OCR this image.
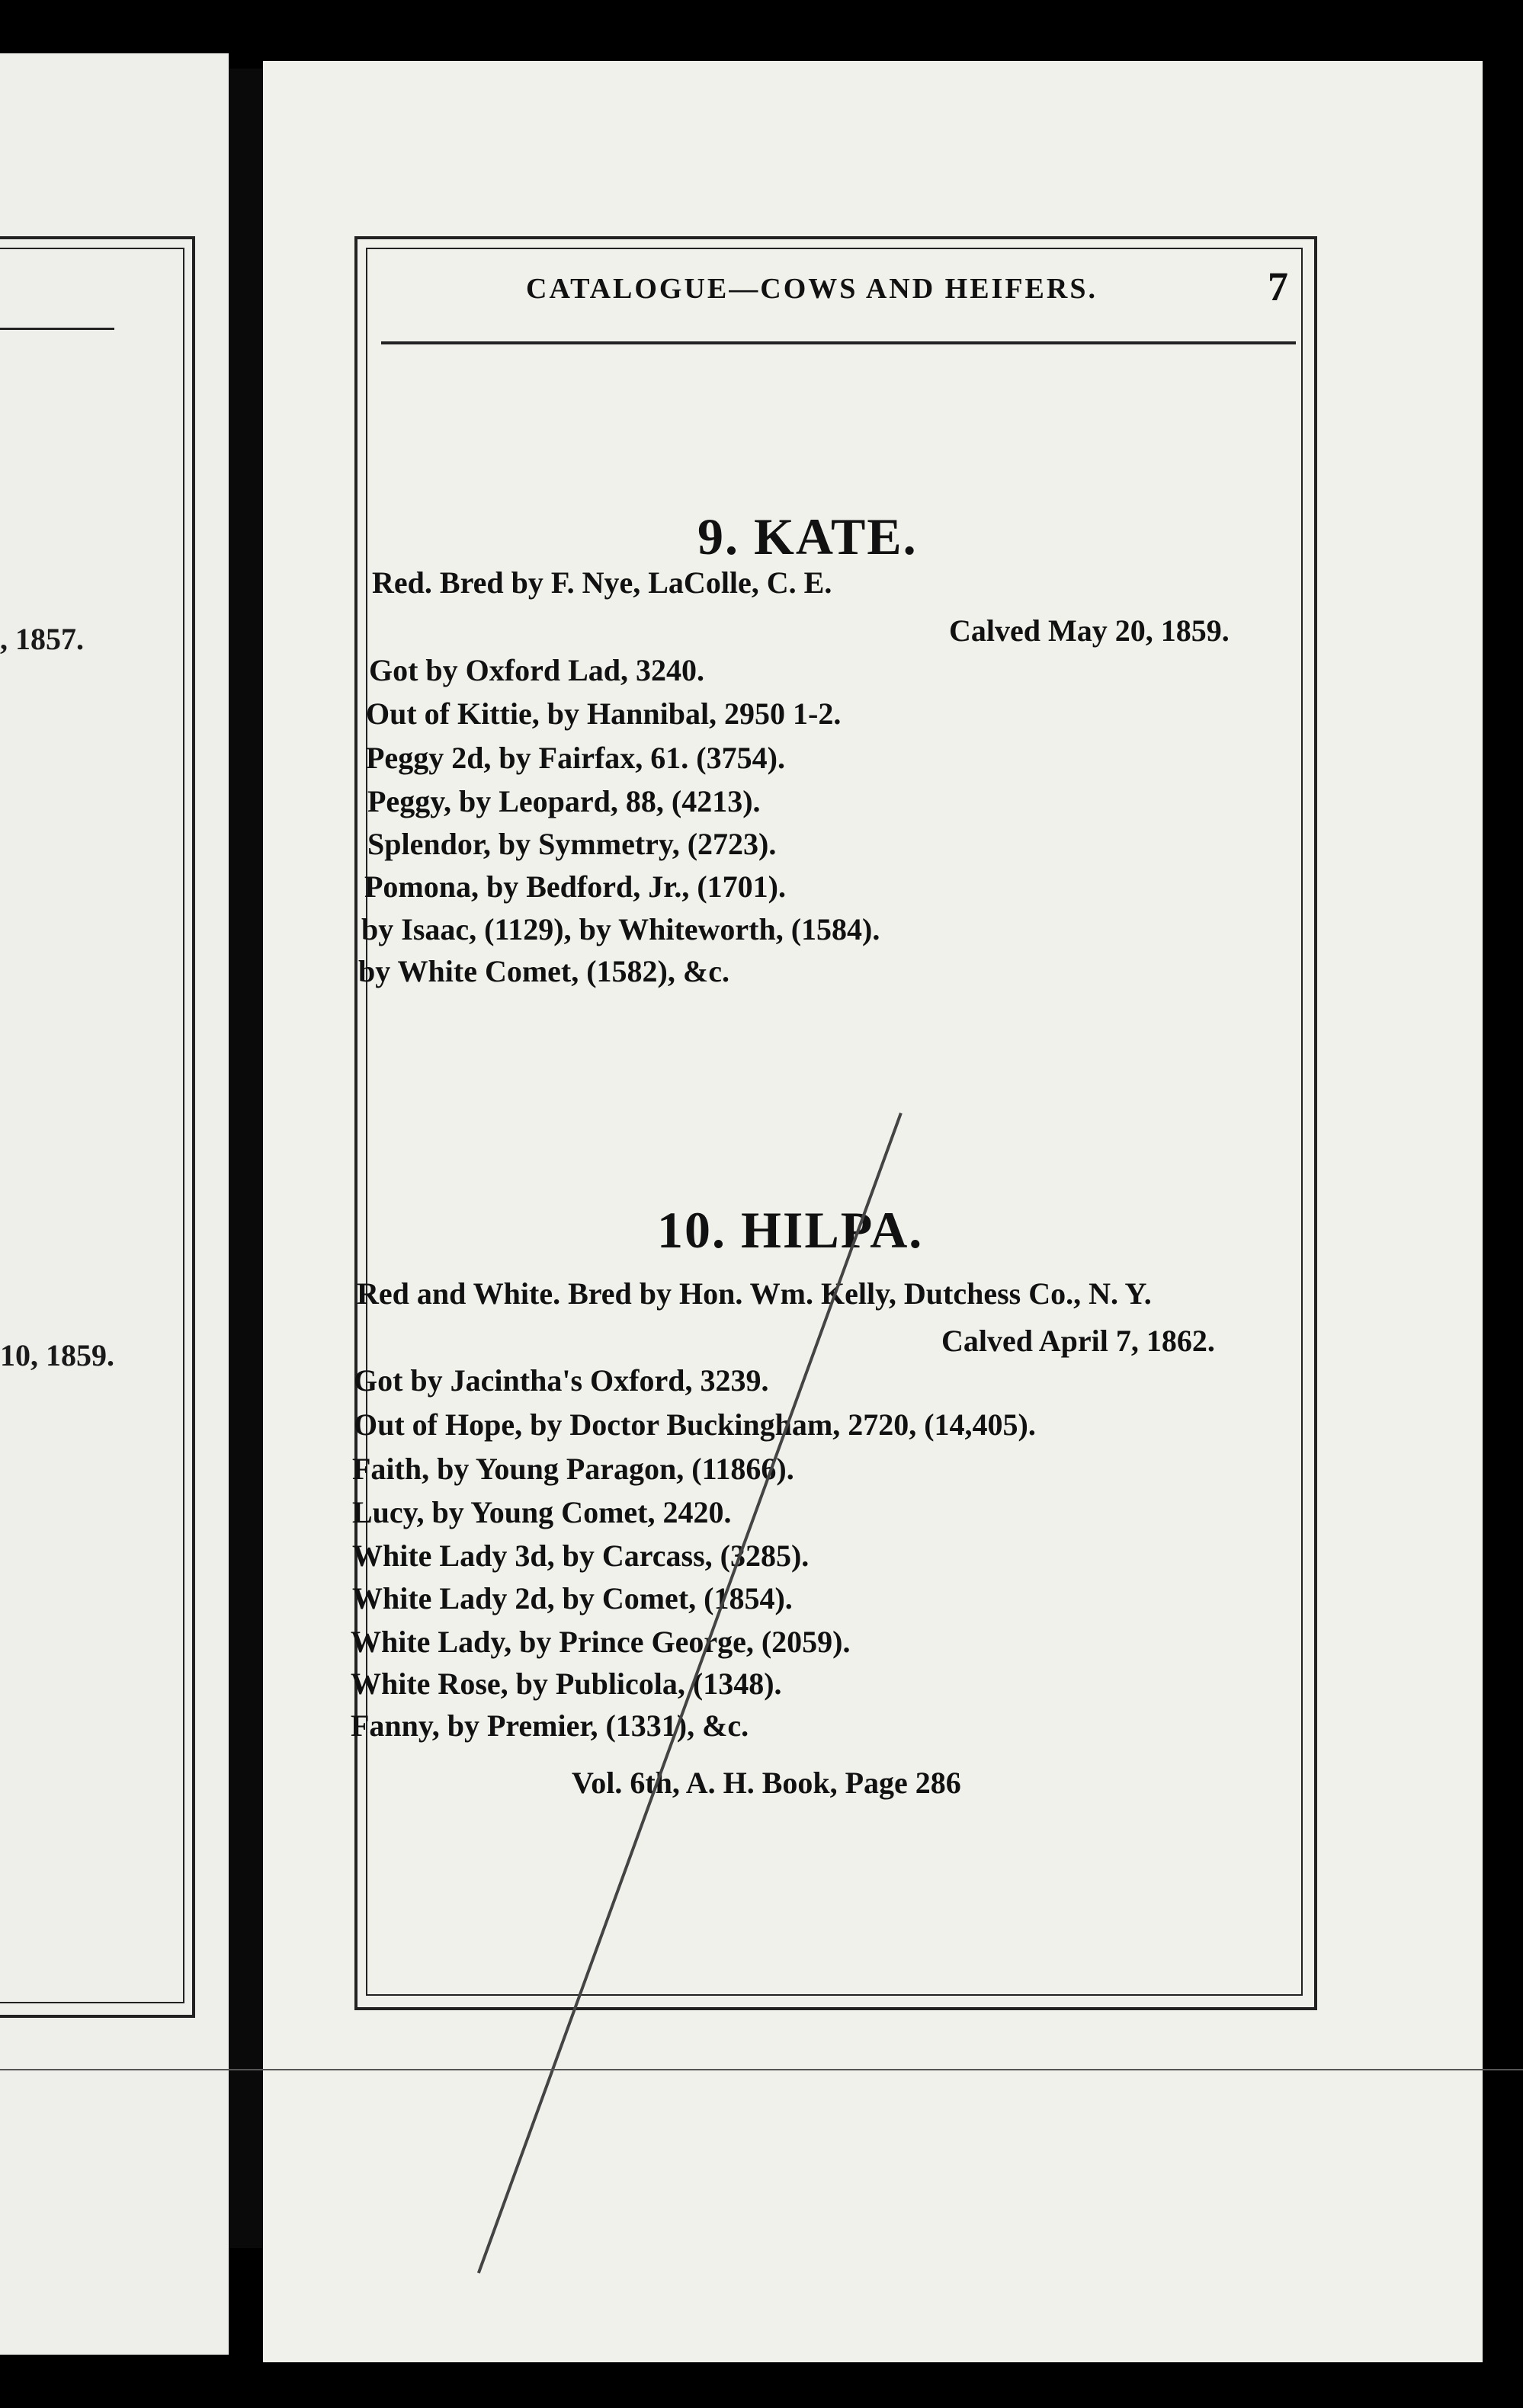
, 1857.
10, 1859.
CATALOGUE—COWS AND HEIFERS.	7
9. KATE.
Red. Bred by F. Nye, LaColle, C. E.
Calved May 20, 1859.
Got by Oxford Lad, 3240.
Out of Kittie, by Hannibal, 2950 1-2.
Peggy 2d, by Fairfax, 61. (3754).
Peggy, by Leopard, 88, (4213).
Splendor, by Symmetry, (2723).
Pomona, by Bedford, Jr., (1701).
by Isaac, (1129), by Whiteworth, (1584).
by White Comet, (1582), &c.
10. HILPA.
Red and White. Bred by Hon. Wm. Kelly, Dutchess Co., N. Y.
Calved April 7, 1862.
Got by Jacintha's Oxford, 3239.
Out of Hope, by Doctor Buckingham, 2720, (14,405).
Faith, by Young Paragon, (11866).
Lucy, by Young Comet, 2420.
White Lady 3d, by Carcass, (3285).
White Lady 2d, by Comet, (1854).
White Lady, by Prince George, (2059).
White Rose, by Publicola, (1348).
Fanny, by Premier, (1331), &c.
Vol. 6th, A. H. Book, Page 286
